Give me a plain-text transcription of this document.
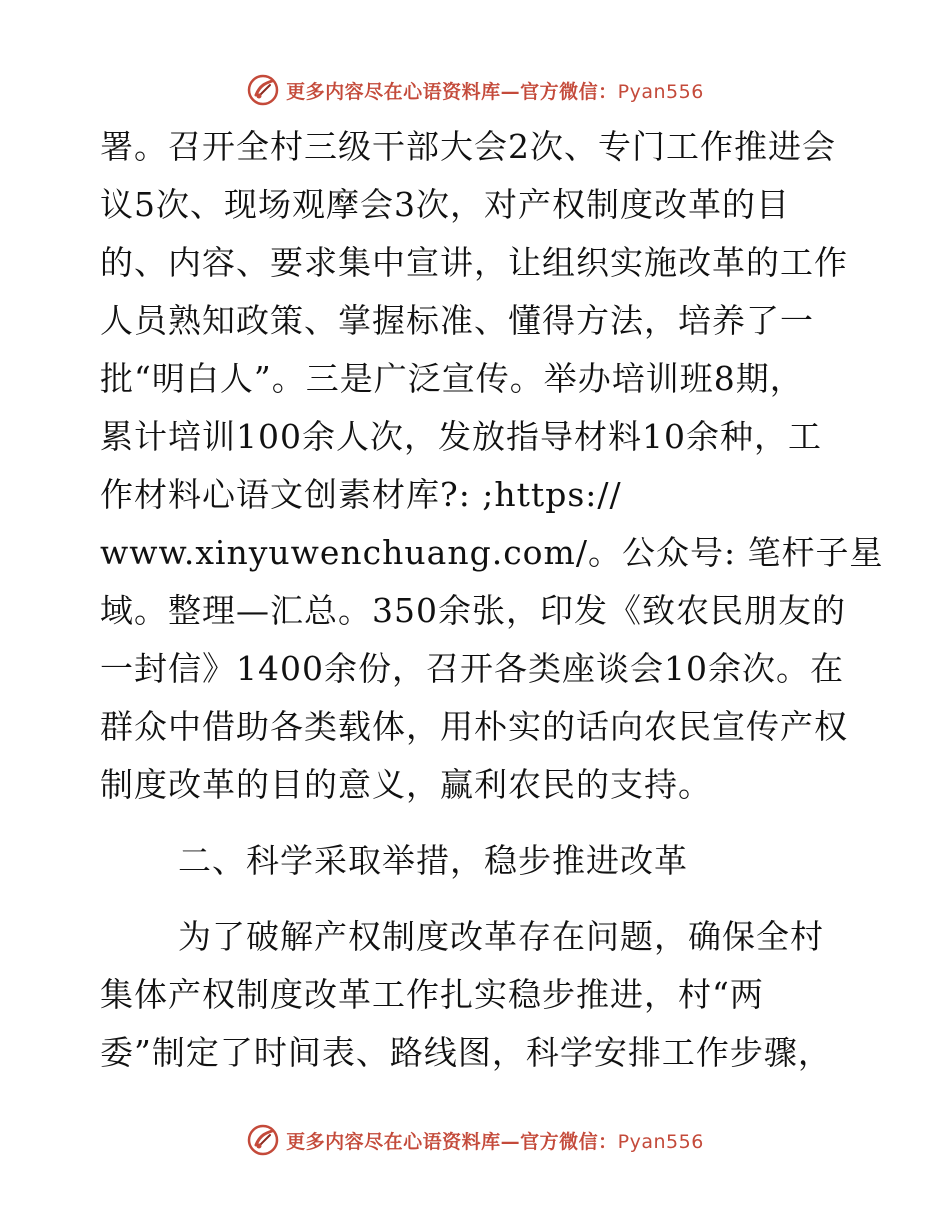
更多内容尽在心语资料库—官方微信：Pyan556
署。召开全村三级干部大会2次、专门工作推进会
议5次、现场观摩会3次，对产权制度改革的目
的、内容、要求集中宣讲，让组织实施改革的工作
人员熟知政策、掌握标准、懂得方法，培养了一
批“明白人”。三是广泛宣传。举办培训班8期，
累计培训100余人次，发放指导材料10余种，工
作材料心语文创素材库?: ;https://
www.xinyuwenchuang.com/。公众号: 笔杆子星
域。整理—汇总。350余张，印发《致农民朋友的
一封信》1400余份，召开各类座谈会10余次。在
群众中借助各类载体，用朴实的话向农民宣传产权
制度改革的目的意义，赢利农民的支持。
二、科学采取举措，稳步推进改革
为了破解产权制度改革存在问题，确保全村
集体产权制度改革工作扎实稳步推进，村“两
委”制定了时间表、路线图，科学安排工作步骤，
更多内容尽在心语资料库—官方微信：Pyan556
